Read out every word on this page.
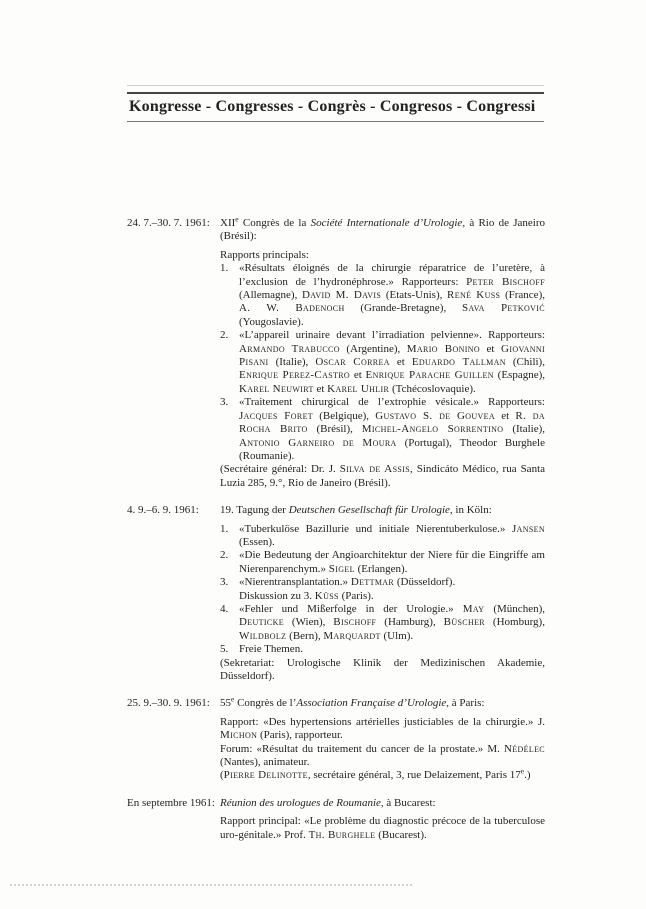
Kongresse - Congresses - Congrès - Congresos - Congressi
24. 7.–30. 7. 1961: XIIe Congrès de la Société Internationale d’Urologie, à Rio de Janeiro (Brésil):

Rapports principals:

1. «Résultats éloignés de la chirurgie réparatrice de l’uretère, à l’exclusion de l’hydronéphrose.» Rapporteurs: Peter Bischoff (Allemagne), David M. Davis (Etats-Unis), René Kuss (France), A. W. Badenoch (Grande-Bretagne), Sava Petković (Yougoslavie).
2. «L’appareil urinaire devant l’irradiation pelvienne». Rapporteurs: Armando Trabucco (Argentine), Mario Bonino et Giovanni Pisani (Italie), Oscar Correa et Eduardo Tallman (Chili), Enrique Perez-Castro et Enrique Parache Guillen (Espagne), Karel Neuwirt et Karel Uhlir (Tchécoslovaquie).
3. «Traitement chirurgical de l’extrophie vésicale.» Rapporteurs: Jacques Foret (Belgique), Gustavo S. de Gouvea et R. da Rocha Brito (Brésil), Michel-Angelo Sorrentino (Italie), Antonio Garneiro de Moura (Portugal), Theodor Burghele (Roumanie).

(Secrétaire général: Dr. J. Silva de Assis, Sindicáto Médico, rua Santa Luzia 285, 9.°, Rio de Janeiro (Brésil).

4. 9.–6. 9. 1961:	19. Tagung der Deutschen Gesellschaft für Urologie, in Köln:

1. «Tuberkulöse Bazillurie und initiale Nierentuberkulose.» Jansen (Essen).
2. «Die Bedeutung der Angioarchitektur der Niere für die Eingriffe am Nierenparenchym.» Sigel (Erlangen).
3. «Nierentransplantation.» Dettmar (Düsseldorf).
Diskussion zu 3. Küss (Paris).
4. «Fehler und Mißerfolge in der Urologie.» May (München), Deuticke (Wien), Bischoff (Hamburg), Büscher (Homburg), Wildbolz (Bern), Marquardt (Ulm).
5. Freie Themen.

(Sekretariat: Urologische Klinik der Medizinischen Akademie, Düsseldorf).

25. 9.–30. 9. 1961: 55e Congrès de l’Association Française d’Urologie, à Paris:

Rapport: «Des hypertensions artérielles justiciables de la chirurgie.» J. Michon (Paris), rapporteur.

Forum: «Résultat du traitement du cancer de la prostate.» M. Nédélec (Nantes), animateur.

(Pierre Delinotte, secrétaire général, 3, rue Delaizement, Paris 17e.)

En septembre 1961: Réunion des urologues de Roumanie, à Bucarest:

Rapport principal: «Le problème du diagnostic précoce de la tuberculose uro-génitale.» Prof. Th. Burghele (Bucarest).
